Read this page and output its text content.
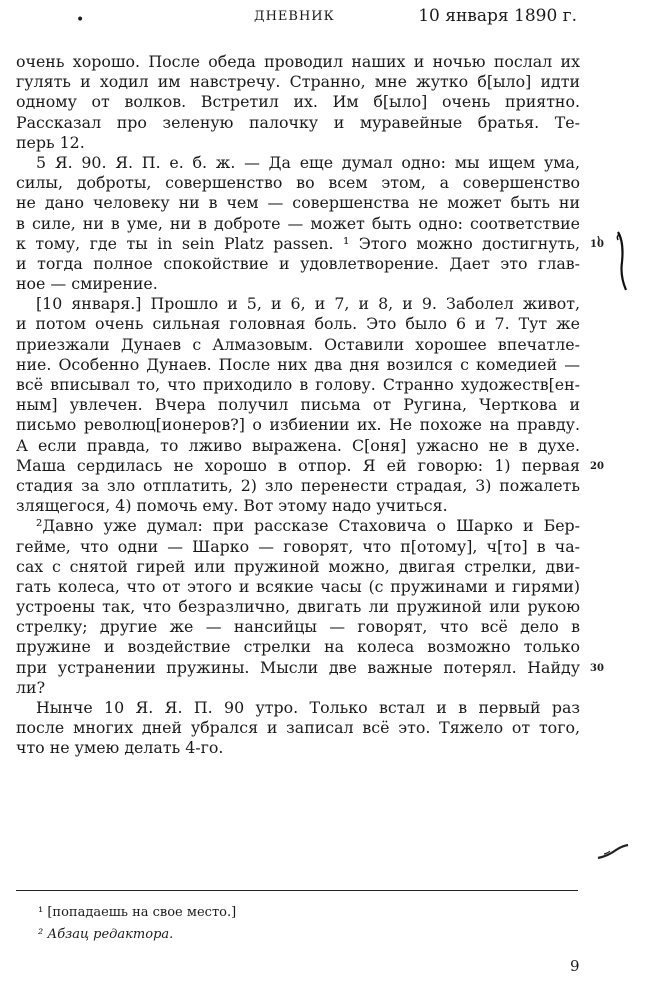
•	ДНЕВНИК	10 января 1890 г.
очень хорошо. После обеда проводил наших и ночью послал их
гулять и ходил им навстречу. Странно, мне жутко б[ыло] идти
одному от волков. Встретил их. Им б[ыло] очень приятно.
Рассказал про зеленую палочку и муравейные братья. Те-
перь 12.
5 Я. 90. Я. П. е. б. ж. — Да еще думал одно: мы ищем ума,
силы, доброты, совершенство во всем этом, а совершенство
не дано человеку ни в чем — совершенства не может быть ни
в силе, ни в уме, ни в доброте — может быть одно: соответствие
к тому, где ты in sein Platz passen. ¹ Этого можно достигнуть,
и тогда полное спокойствие и удовлетворение. Дает это глав-
ное — смирение.
[10 января.] Прошло и 5, и 6, и 7, и 8, и 9. Заболел живот,
и потом очень сильная головная боль. Это было 6 и 7. Тут же
приезжали Дунаев с Алмазовым. Оставили хорошее впечатле-
ние. Особенно Дунаев. После них два дня возился с комедией —
всё вписывал то, что приходило в голову. Странно художеств[ен-
ным] увлечен. Вчера получил письма от Ругина, Черткова и
письмо революц[ионеров?] о избиении их. Не похоже на правду.
А если правда, то лживо выражена. С[оня] ужасно не в духе.
Маша сердилась не хорошо в отпор. Я ей говорю: 1) первая
стадия за зло отплатить, 2) зло перенести страдая, 3) пожалеть
злящегося, 4) помочь ему. Вот этому надо учиться.
²Давно уже думал: при рассказе Стаховича о Шарко и Бер-
гейме, что одни — Шарко — говорят, что п[отому], ч[то] в ча-
сах с снятой гирей или пружиной можно, двигая стрелки, дви-
гать колеса, что от этого и всякие часы (с пружинами и гирями)
устроены так, что безразлично, двигать ли пружиной или рукою
стрелку; другие же — нансийцы — говорят, что всё дело в
пружине и воздействие стрелки на колеса возможно только
при устранении пружины. Мысли две важные потерял. Найду
ли?
Нынче 10 Я. Я. П. 90 утро. Только встал и в первый раз
после многих дней убрался и записал всё это. Тяжело от того,
что не умею делать 4-го.
10
20
30
¹ [попадаешь на свое место.]
² Абзац редактора.
9
